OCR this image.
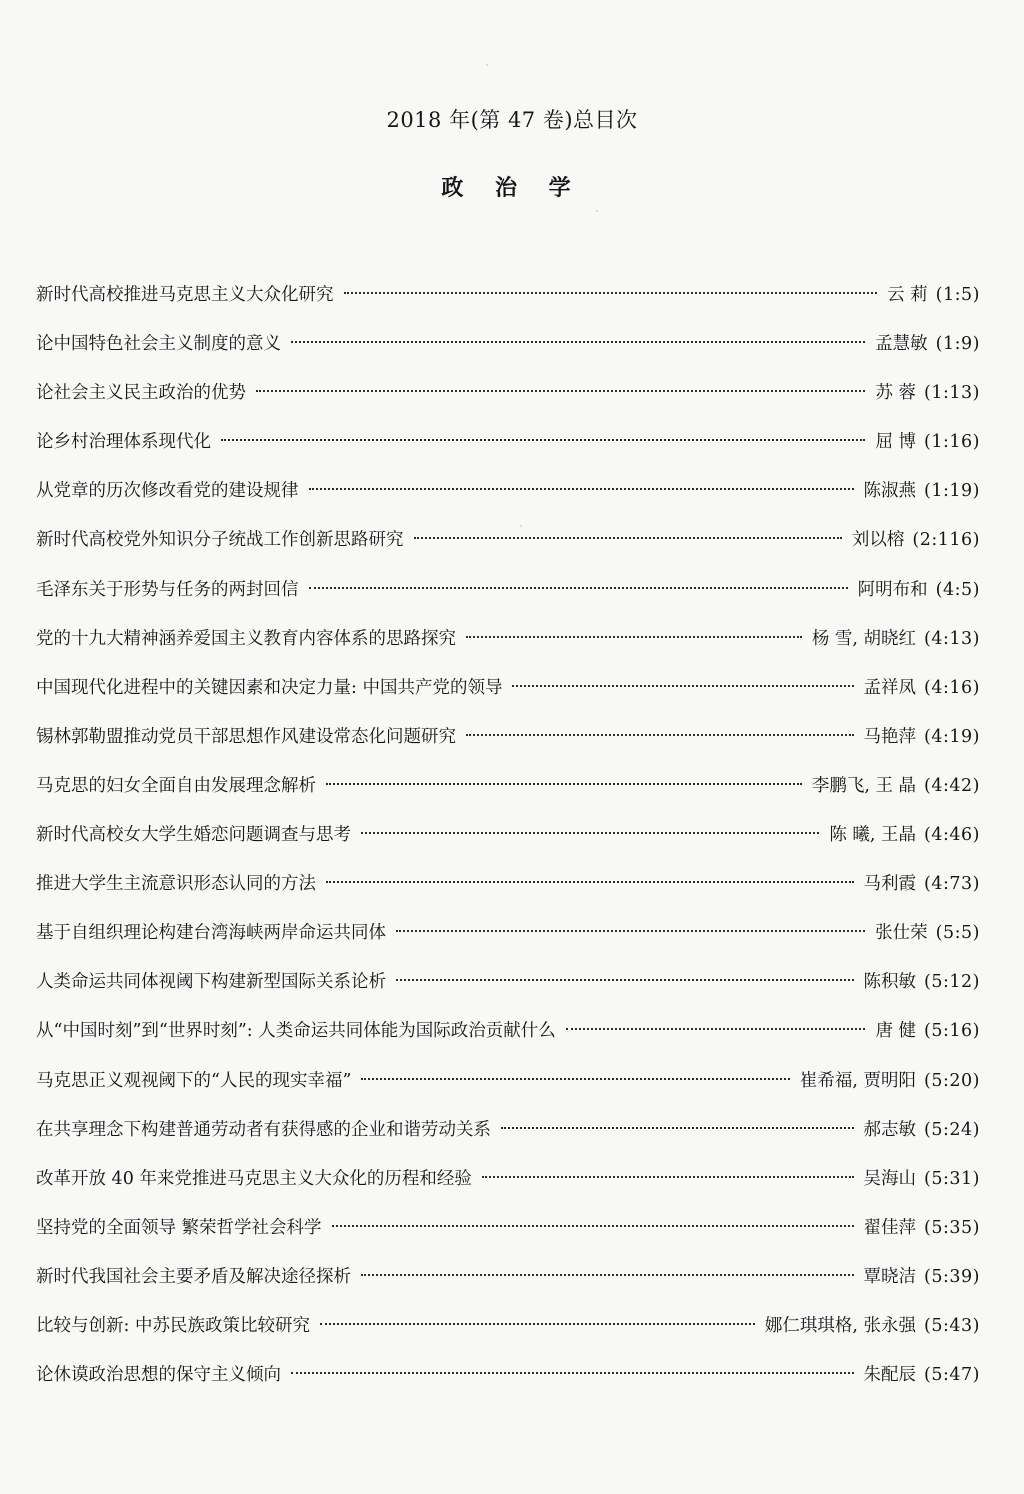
2018 年(第 47 卷)总目次
政 治 学
新时代高校推进马克思主义大众化研究	云 莉 (1:5)
论中国特色社会主义制度的意义	孟慧敏 (1:9)
论社会主义民主政治的优势	苏 蓉 (1:13)
论乡村治理体系现代化	屈 博 (1:16)
从党章的历次修改看党的建设规律	陈淑燕 (1:19)
新时代高校党外知识分子统战工作创新思路研究	刘以榕 (2:116)
毛泽东关于形势与任务的两封回信	阿明布和 (4:5)
党的十九大精神涵养爱国主义教育内容体系的思路探究	杨 雪, 胡晓红 (4:13)
中国现代化进程中的关键因素和决定力量: 中国共产党的领导	孟祥凤 (4:16)
锡林郭勒盟推动党员干部思想作风建设常态化问题研究	马艳萍 (4:19)
马克思的妇女全面自由发展理念解析	李鹏飞, 王 晶 (4:42)
新时代高校女大学生婚恋问题调查与思考	陈 曦, 王晶 (4:46)
推进大学生主流意识形态认同的方法	马利霞 (4:73)
基于自组织理论构建台湾海峡两岸命运共同体	张仕荣 (5:5)
人类命运共同体视阈下构建新型国际关系论析	陈积敏 (5:12)
从“中国时刻”到“世界时刻”: 人类命运共同体能为国际政治贡献什么	唐 健 (5:16)
马克思正义观视阈下的“人民的现实幸福”	崔希福, 贾明阳 (5:20)
在共享理念下构建普通劳动者有获得感的企业和谐劳动关系	郝志敏 (5:24)
改革开放 40 年来党推进马克思主义大众化的历程和经验	吴海山 (5:31)
坚持党的全面领导 繁荣哲学社会科学	翟佳萍 (5:35)
新时代我国社会主要矛盾及解决途径探析	覃晓洁 (5:39)
比较与创新: 中苏民族政策比较研究	娜仁琪琪格, 张永强 (5:43)
论休谟政治思想的保守主义倾向	朱配辰 (5:47)
